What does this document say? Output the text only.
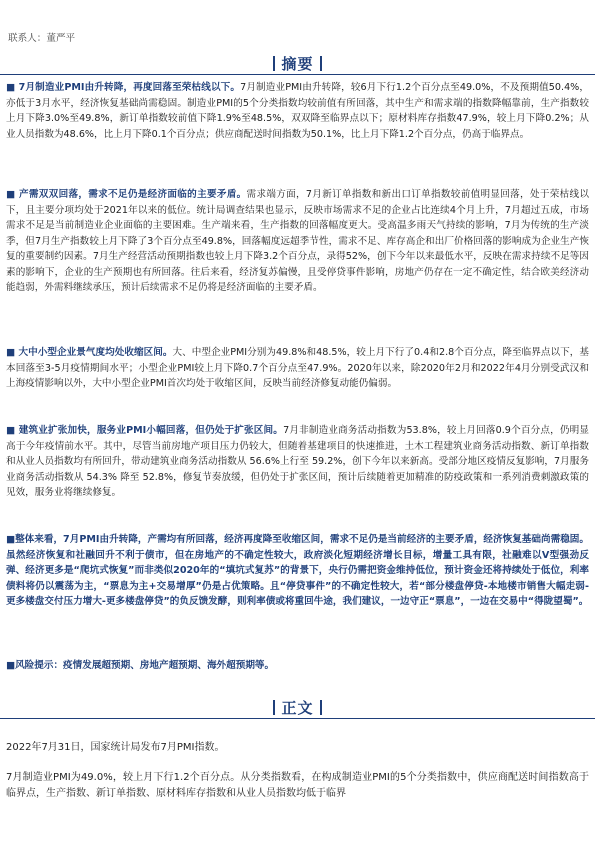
联系人：董严平
摘要

■ 7月制造业PMI由升转降，再度回落至荣枯线以下。7月制造业PMI由升转降，较6月下行1.2个百分点至49.0%，不及预期值50.4%，亦低于3月水平，经济恢复基础尚需稳固。制造业PMI的5个分类指数均较前值有所回落，其中生产和需求端的指数降幅靠前，生产指数较上月下降3.0%至49.8%，新订单指数较前值下降1.9%至48.5%，双双降至临界点以下；原材料库存指数47.9%，较上月下降0.2%；从业人员指数为48.6%，比上月下降0.1个百分点；供应商配送时间指数为50.1%，比上月下降1.2个百分点，仍高于临界点。

■ 产需双双回落，需求不足仍是经济面临的主要矛盾。需求端方面，7月新订单指数和新出口订单指数较前值明显回落，处于荣枯线以下，且主要分项均处于2021年以来的低位。统计局调查结果也显示，反映市场需求不足的企业占比连续4个月上升，7月超过五成，市场需求不足是当前制造业企业面临的主要困难。生产端来看，生产指数的回落幅度更大。受高温多雨天气持续的影响，7月为传统的生产淡季，但7月生产指数较上月下降了3个百分点至49.8%，回落幅度远超季节性，需求不足、库存高企和出厂价格回落的影响成为企业生产恢复的重要制约因素。7月生产经营活动预期指数也较上月下降3.2个百分点，录得52%，创下今年以来最低水平，反映在需求持续不足等因素的影响下，企业的生产预期也有所回落。往后来看，经济复苏偏慢，且受停贷事件影响，房地产仍存在一定不确定性，结合欧美经济动能趋弱，外需料继续承压，预计后续需求不足仍将是经济面临的主要矛盾。

■ 大中小型企业景气度均处收缩区间。大、中型企业PMI分别为49.8%和48.5%，较上月下行了0.4和2.8个百分点，降至临界点以下，基本回落至3-5月疫情期间水平；小型企业PMI较上月下降0.7个百分点至47.9%。2020年以来，除2020年2月和2022年4月分别受武汉和上海疫情影响以外，大中小型企业PMI首次均处于收缩区间，反映当前经济修复动能仍偏弱。

■ 建筑业扩张加快，服务业PMI小幅回落，但仍处于扩张区间。7月非制造业商务活动指数为53.8%，较上月回落0.9个百分点，仍明显高于今年疫情前水平。其中，尽管当前房地产项目压力仍较大，但随着基建项目的快速推进，土木工程建筑业商务活动指数、新订单指数和从业人员指数均有所回升，带动建筑业商务活动指数从 56.6%上行至 59.2%，创下今年以来新高。受部分地区疫情反复影响，7月服务业商务活动指数从 54.3% 降至 52.8%，修复节奏放缓，但仍处于扩张区间，预计后续随着更加精准的防疫政策和一系列消费刺激政策的见效，服务业将继续修复。

■整体来看，7月PMI由升转降，产需均有所回落，经济再度降至收缩区间，需求不足仍是当前经济的主要矛盾，经济恢复基础尚需稳固。虽然经济恢复和社融回升不利于债市，但在房地产的不确定性较大，政府淡化短期经济增长目标，增量工具有限，社融难以V型强劲反弹、经济更多是“爬坑式恢复”而非类似2020年的“填坑式复苏”的背景下，央行仍需把资金维持低位，预计资金还将持续处于低位，利率债料将仍以震荡为主，“票息为主+交易增厚”仍是占优策略。且“停贷事件”的不确定性较大，若“部分楼盘停贷-本地楼市销售大幅走弱-更多楼盘交付压力增大-更多楼盘停贷”的负反馈发酵，则利率债或将重回牛途，我们建议，一边守正“票息”，一边在交易中“得陇望蜀”。

■风险提示：疫情发展超预期、房地产超预期、海外超预期等。

正文

2022年7月31日，国家统计局发布7月PMI指数。

7月制造业PMI为49.0%，较上月下行1.2个百分点。从分类指数看，在构成制造业PMI的5个分类指数中，供应商配送时间指数高于临界点，生产指数、新订单指数、原材料库存指数和从业人员指数均低于临界
